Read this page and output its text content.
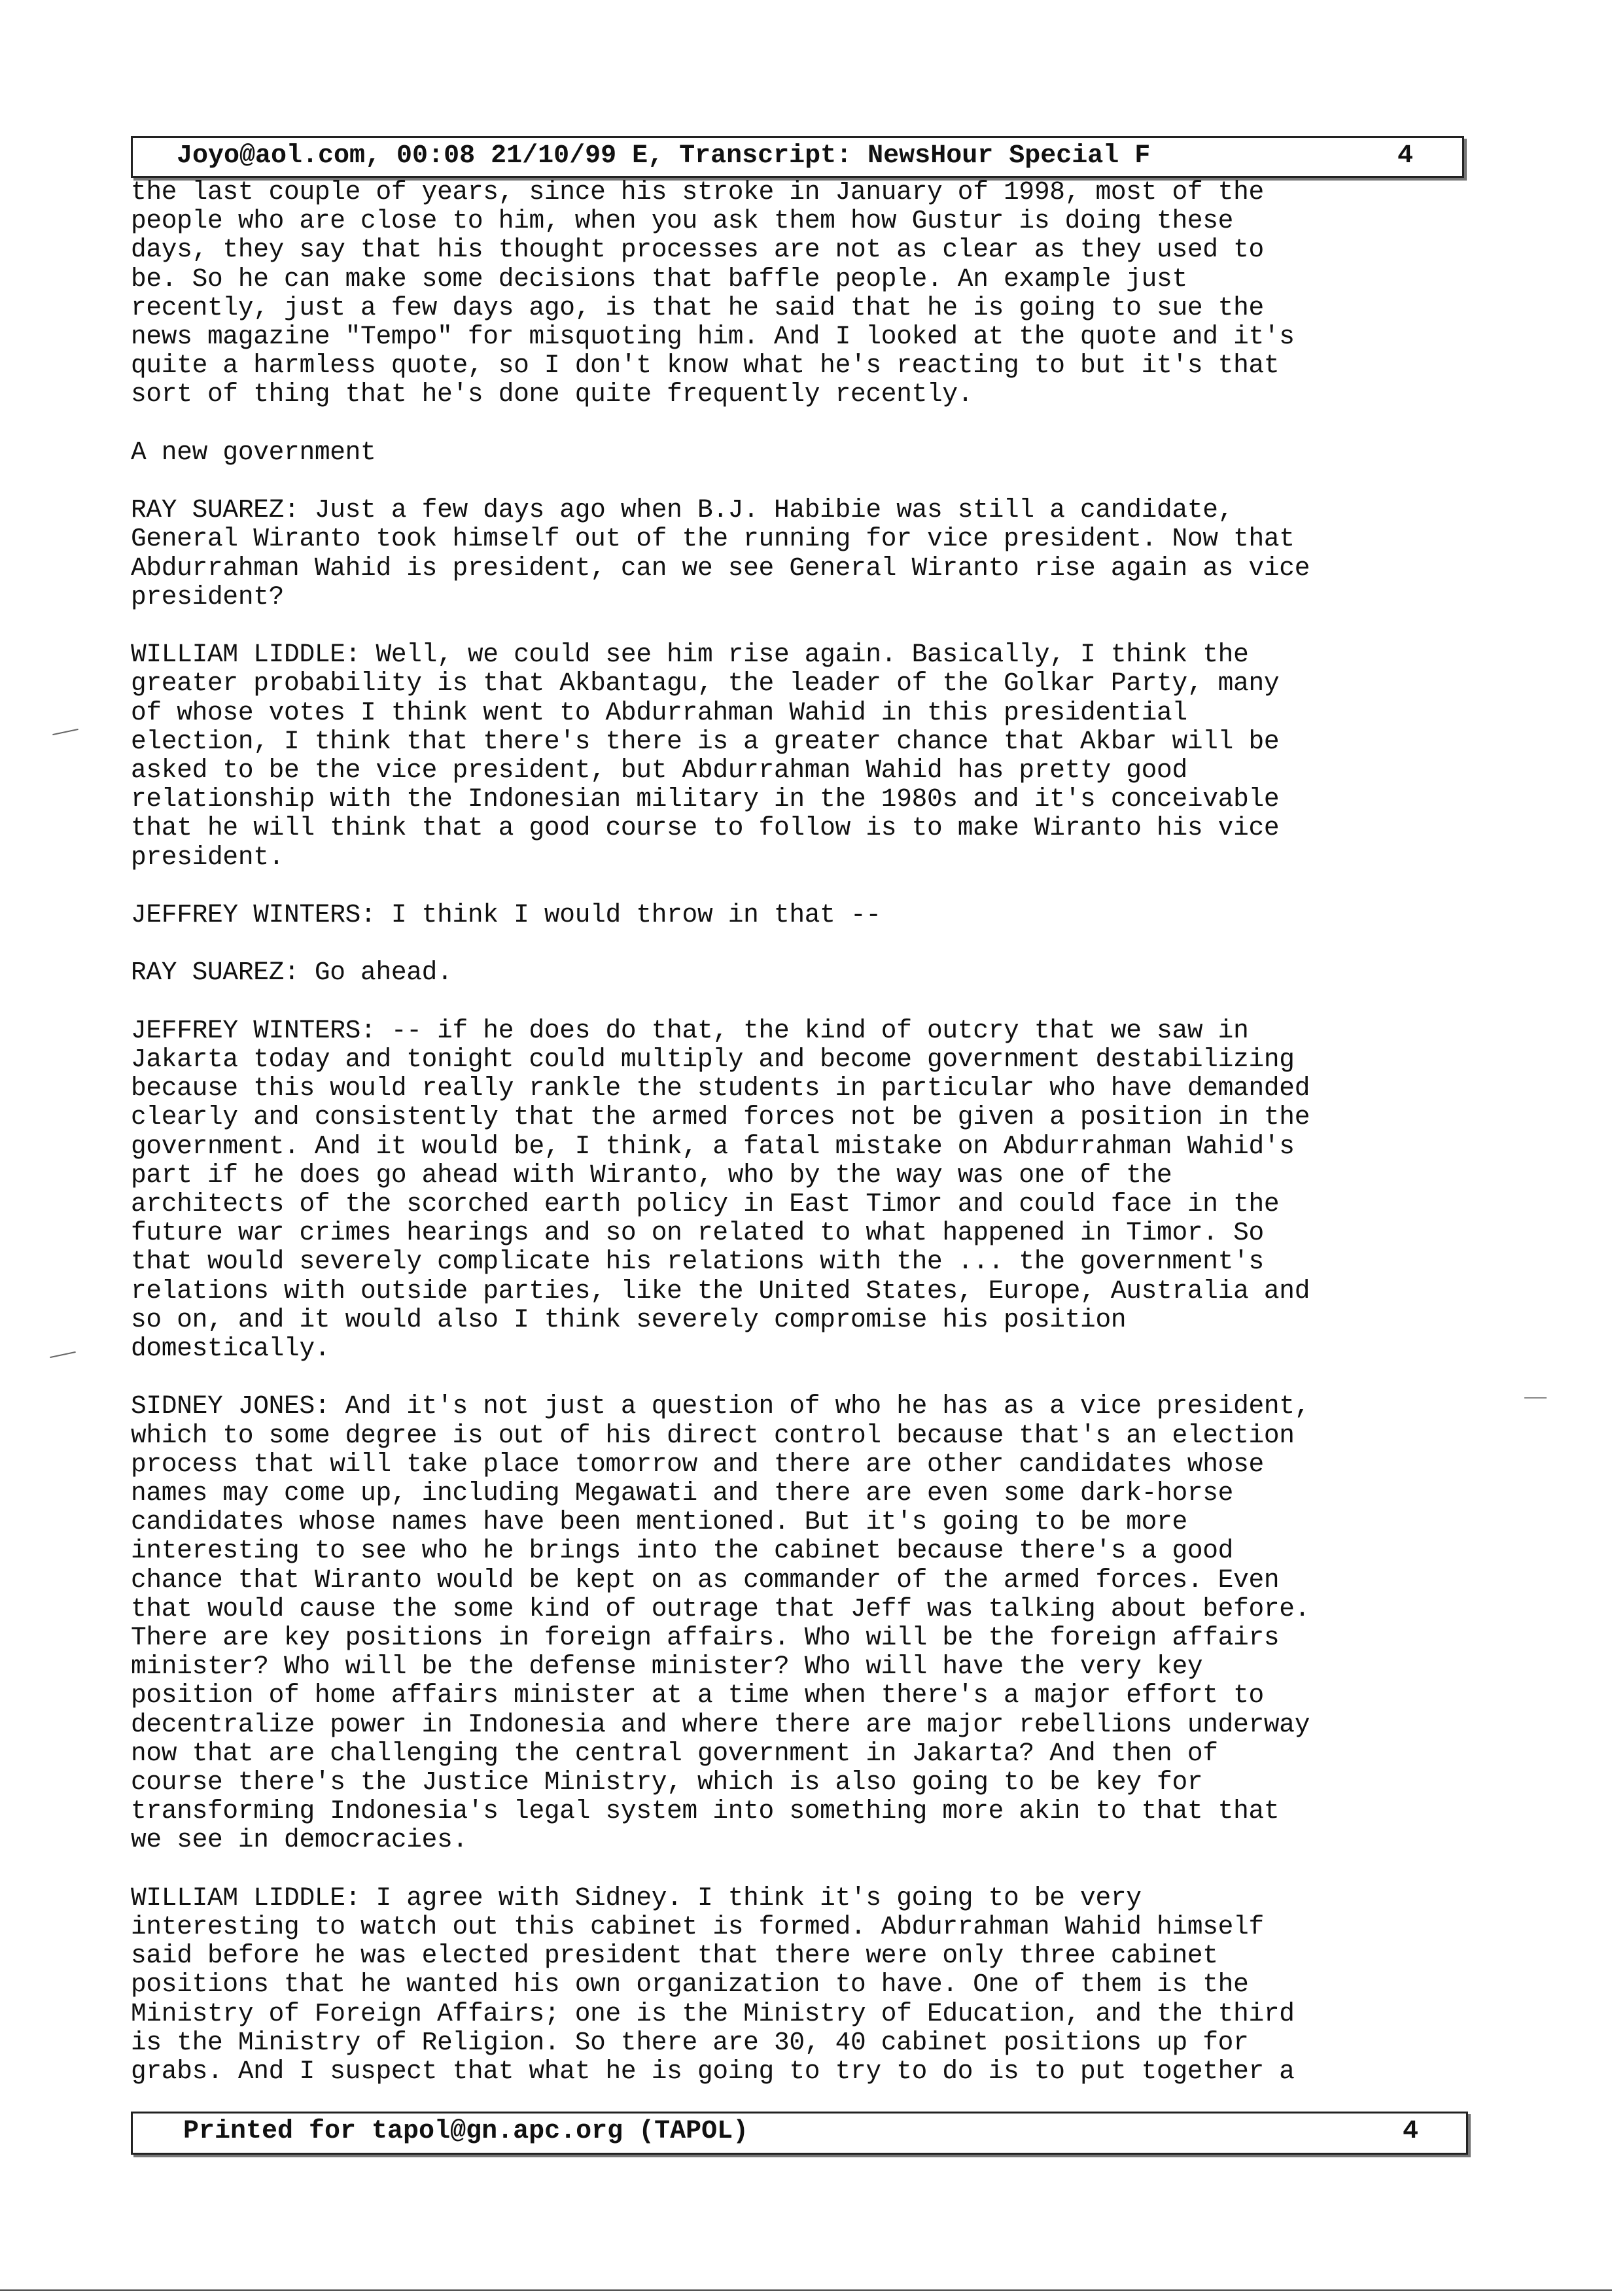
Joyo@aol.com, 00:08 21/10/99 E, Transcript: NewsHour Special F	4
the last couple of years, since his stroke in January of 1998, most of the
people who are close to him, when you ask them how Gustur is doing these
days, they say that his thought processes are not as clear as they used to
be. So he can make some decisions that baffle people. An example just
recently, just a few days ago, is that he said that he is going to sue the
news magazine "Tempo" for misquoting him. And I looked at the quote and it's
quite a harmless quote, so I don't know what he's reacting to but it's that
sort of thing that he's done quite frequently recently.
A new government
RAY SUAREZ: Just a few days ago when B.J. Habibie was still a candidate,
General Wiranto took himself out of the running for vice president. Now that
Abdurrahman Wahid is president, can we see General Wiranto rise again as vice
president?
WILLIAM LIDDLE: Well, we could see him rise again. Basically, I think the
greater probability is that Akbantagu, the leader of the Golkar Party, many
of whose votes I think went to Abdurrahman Wahid in this presidential
election, I think that there's there is a greater chance that Akbar will be
asked to be the vice president, but Abdurrahman Wahid has pretty good
relationship with the Indonesian military in the 1980s and it's conceivable
that he will think that a good course to follow is to make Wiranto his vice
president.
JEFFREY WINTERS: I think I would throw in that --
RAY SUAREZ: Go ahead.
JEFFREY WINTERS: -- if he does do that, the kind of outcry that we saw in
Jakarta today and tonight could multiply and become government destabilizing
because this would really rankle the students in particular who have demanded
clearly and consistently that the armed forces not be given a position in the
government. And it would be, I think, a fatal mistake on Abdurrahman Wahid's
part if he does go ahead with Wiranto, who by the way was one of the
architects of the scorched earth policy in East Timor and could face in the
future war crimes hearings and so on related to what happened in Timor. So
that would severely complicate his relations with the ... the government's
relations with outside parties, like the United States, Europe, Australia and
so on, and it would also I think severely compromise his position
domestically.
SIDNEY JONES: And it's not just a question of who he has as a vice president,
which to some degree is out of his direct control because that's an election
process that will take place tomorrow and there are other candidates whose
names may come up, including Megawati and there are even some dark-horse
candidates whose names have been mentioned. But it's going to be more
interesting to see who he brings into the cabinet because there's a good
chance that Wiranto would be kept on as commander of the armed forces. Even
that would cause the some kind of outrage that Jeff was talking about before.
There are key positions in foreign affairs. Who will be the foreign affairs
minister? Who will be the defense minister? Who will have the very key
position of home affairs minister at a time when there's a major effort to
decentralize power in Indonesia and where there are major rebellions underway
now that are challenging the central government in Jakarta? And then of
course there's the Justice Ministry, which is also going to be key for
transforming Indonesia's legal system into something more akin to that that
we see in democracies.
WILLIAM LIDDLE: I agree with Sidney. I think it's going to be very
interesting to watch out this cabinet is formed. Abdurrahman Wahid himself
said before he was elected president that there were only three cabinet
positions that he wanted his own organization to have. One of them is the
Ministry of Foreign Affairs; one is the Ministry of Education, and the third
is the Ministry of Religion. So there are 30, 40 cabinet positions up for
grabs. And I suspect that what he is going to try to do is to put together a
Printed for tapol@gn.apc.org (TAPOL)	4
